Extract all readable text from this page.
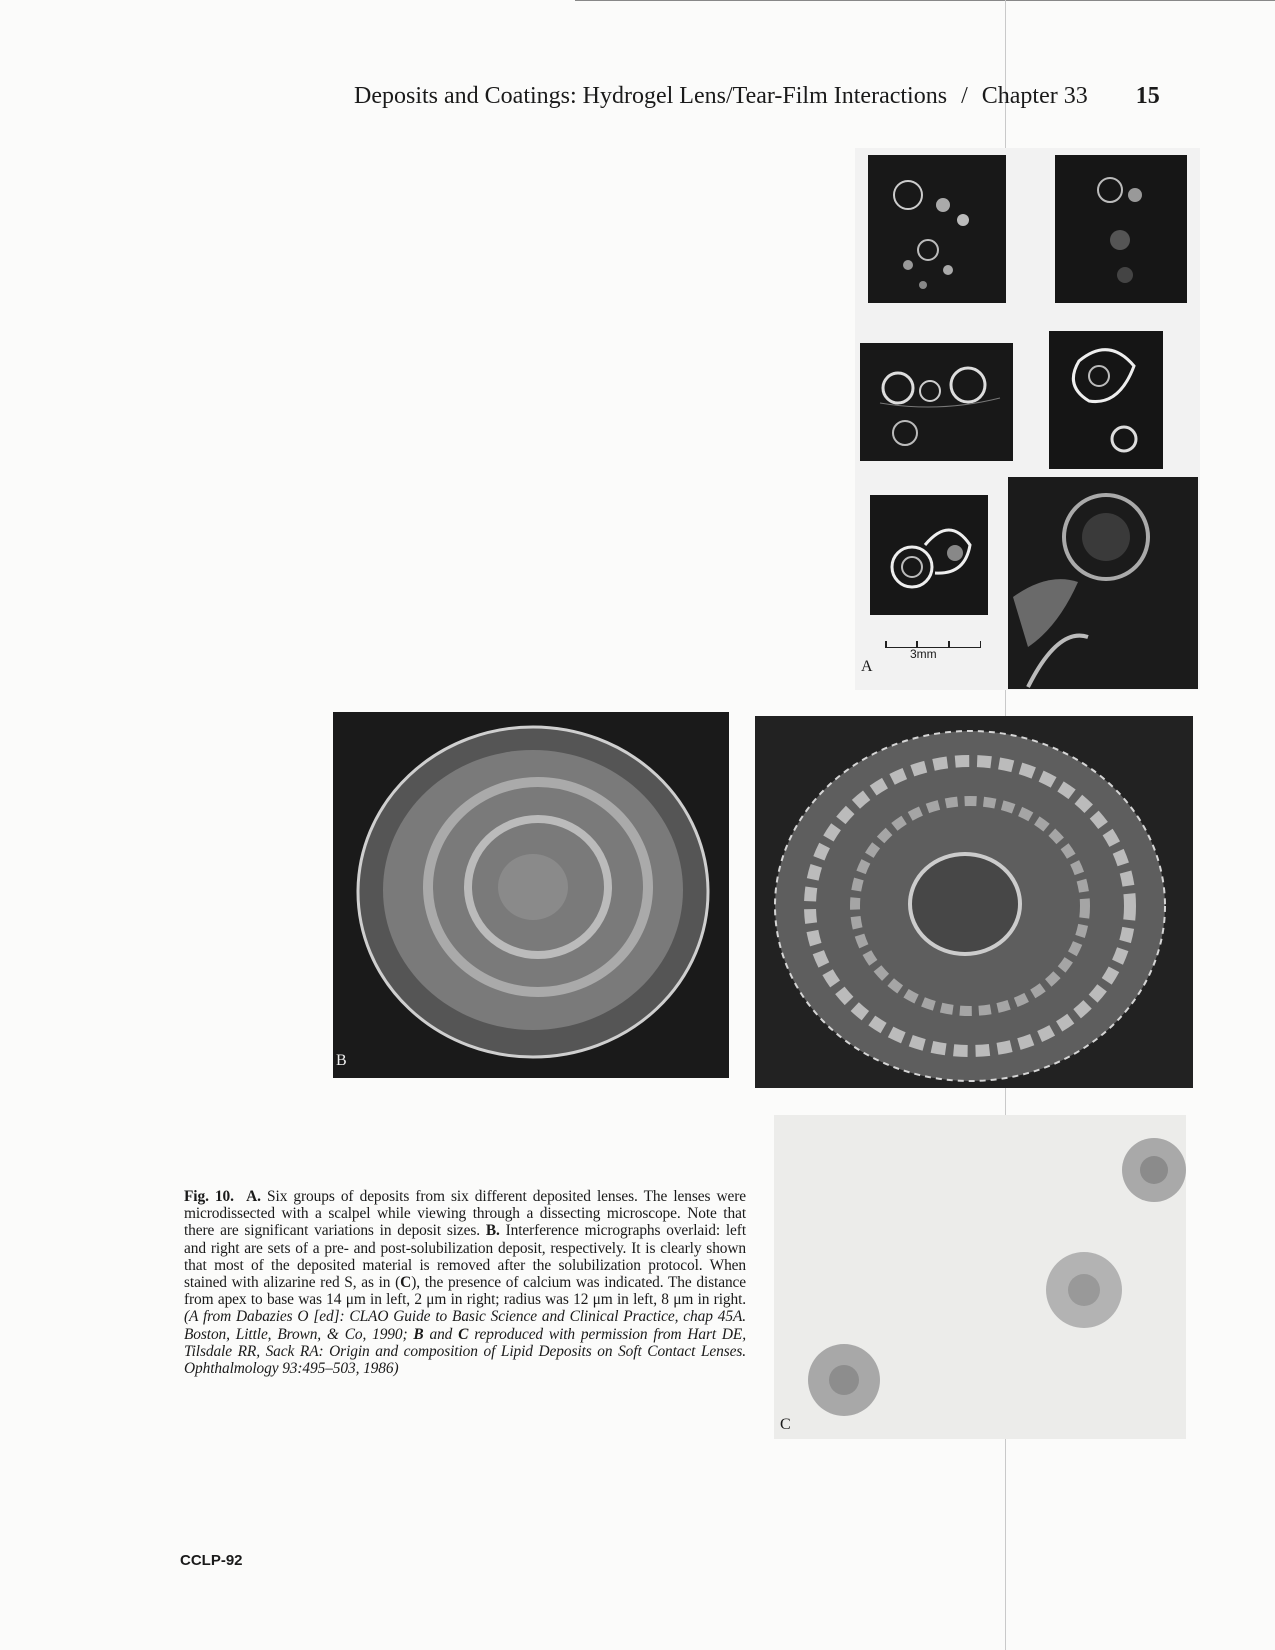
Deposits and Coatings: Hydrogel Lens/Tear-Film Interactions / Chapter 33 15
A
3mm
B
C
Fig. 10. A. Six groups of deposits from six different deposited lenses. The lenses were microdissected with a scalpel while viewing through a dissecting microscope. Note that there are significant variations in deposit sizes. B. Interference micrographs overlaid: left and right are sets of a pre- and post-solubilization deposit, respectively. It is clearly shown that most of the deposited material is removed after the solubilization protocol. When stained with alizarine red S, as in (C), the presence of calcium was indicated. The distance from apex to base was 14 μm in left, 2 μm in right; radius was 12 μm in left, 8 μm in right. (A from Dabazies O [ed]: CLAO Guide to Basic Science and Clinical Practice, chap 45A. Boston, Little, Brown, & Co, 1990; B and C reproduced with permission from Hart DE, Tilsdale RR, Sack RA: Origin and composition of Lipid Deposits on Soft Contact Lenses. Ophthalmology 93:495–503, 1986)
CCLP-92
